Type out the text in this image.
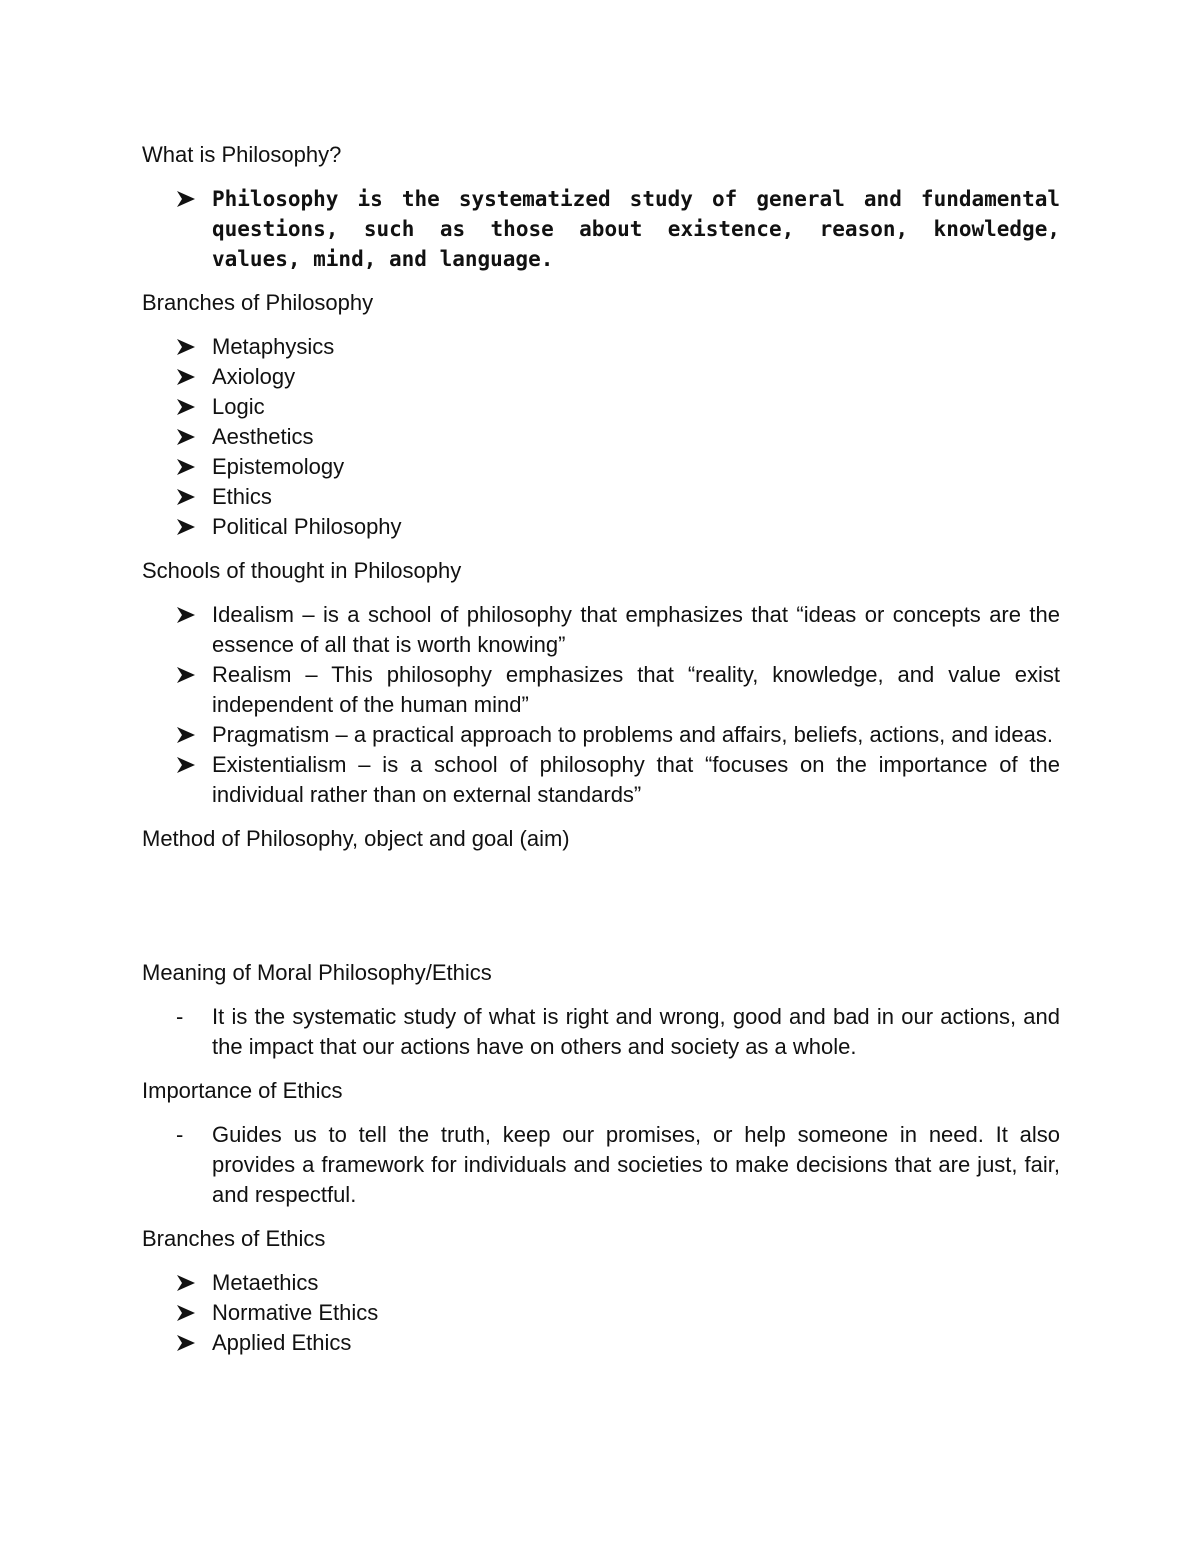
What is Philosophy?
Philosophy is the systematized study of general and fundamental questions, such as those about existence, reason, knowledge, values, mind, and language.
Branches of Philosophy
Metaphysics
Axiology
Logic
Aesthetics
Epistemology
Ethics
Political Philosophy
Schools of thought in Philosophy
Idealism – is a school of philosophy that emphasizes that “ideas or concepts are the essence of all that is worth knowing”
Realism – This philosophy emphasizes that “reality, knowledge, and value exist independent of the human mind”
Pragmatism – a practical approach to problems and affairs, beliefs, actions, and ideas.
Existentialism – is a school of philosophy that “focuses on the importance of the individual rather than on external standards”
Method of Philosophy, object and goal (aim)
Meaning of Moral Philosophy/Ethics
- It is the systematic study of what is right and wrong, good and bad in our actions, and the impact that our actions have on others and society as a whole.
Importance of Ethics
- Guides us to tell the truth, keep our promises, or help someone in need. It also provides a framework for individuals and societies to make decisions that are just, fair, and respectful.
Branches of Ethics
Metaethics
Normative Ethics
Applied Ethics
